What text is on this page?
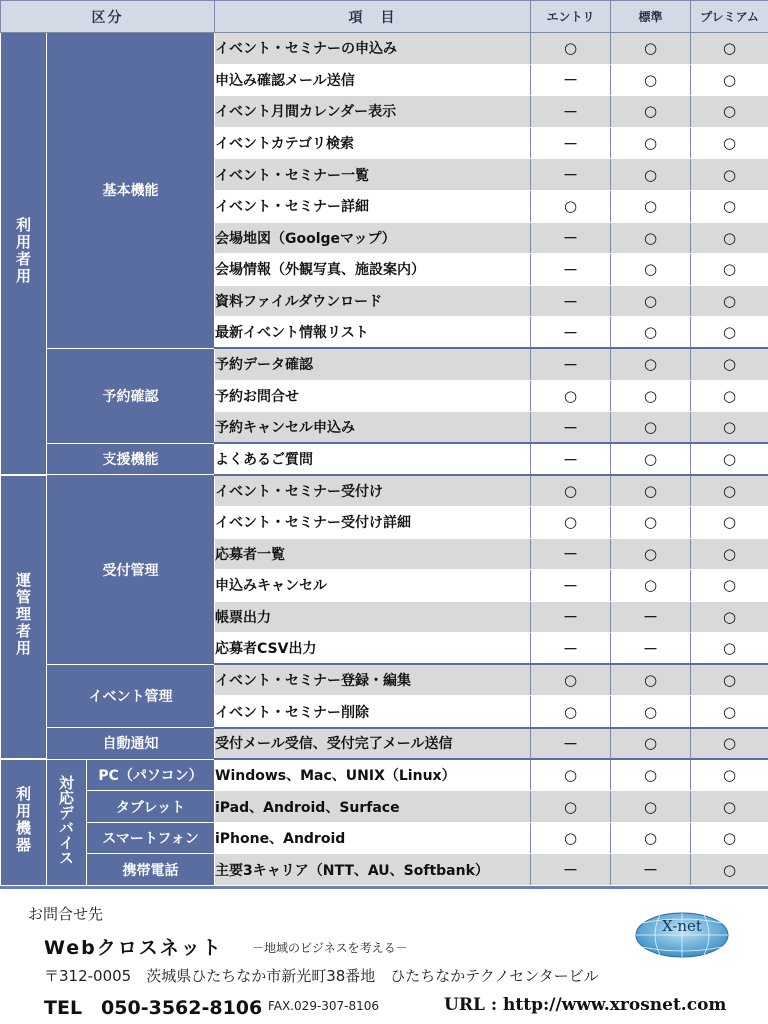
区分			項　目	エントリ	標準	プレミアム
利用者用	基本機能		イベント・セミナーの申込み	○	○	○
			申込み確認メール送信	－	○	○
			イベント月間カレンダー表示	－	○	○
			イベントカテゴリ検索	－	○	○
			イベント・セミナー一覧	－	○	○
			イベント・セミナー詳細	○	○	○
			会場地図（Goolgeマップ）	－	○	○
			会場情報（外観写真、施設案内）	－	○	○
			資料ファイルダウンロード	－	○	○
			最新イベント情報リスト	－	○	○
	予約確認		予約データ確認	－	○	○
			予約お問合せ	○	○	○
			予約キャンセル申込み	－	○	○
	支援機能		よくあるご質問	－	○	○
運管理者用	受付管理		イベント・セミナー受付け	○	○	○
			イベント・セミナー受付け詳細	○	○	○
			応募者一覧	－	○	○
			申込みキャンセル	－	○	○
			帳票出力	－	－	○
			応募者CSV出力	－	－	○
	イベント管理		イベント・セミナー登録・編集	○	○	○
			イベント・セミナー削除	○	○	○
	自動通知		受付メール受信、受付完了メール送信	－	○	○
利用機器	対応デバイス	PC（パソコン）	Windows、Mac、UNIX（Linux）	○	○	○
		タブレット	iPad、Android、Surface	○	○	○
		スマートフォン	iPhone、Android	○	○	○
		携帯電話	主要3キャリア（NTT、AU、Softbank）	－	－	○
お問合せ先
Webクロスネット －地域のビジネスを考える－
〒312-0005　茨城県ひたちなか市新光町38番地　ひたちなかテクノセンタービル
TEL　050-3562-8106 FAX.029-307-8106	URL : http://www.xrosnet.com
X-net
